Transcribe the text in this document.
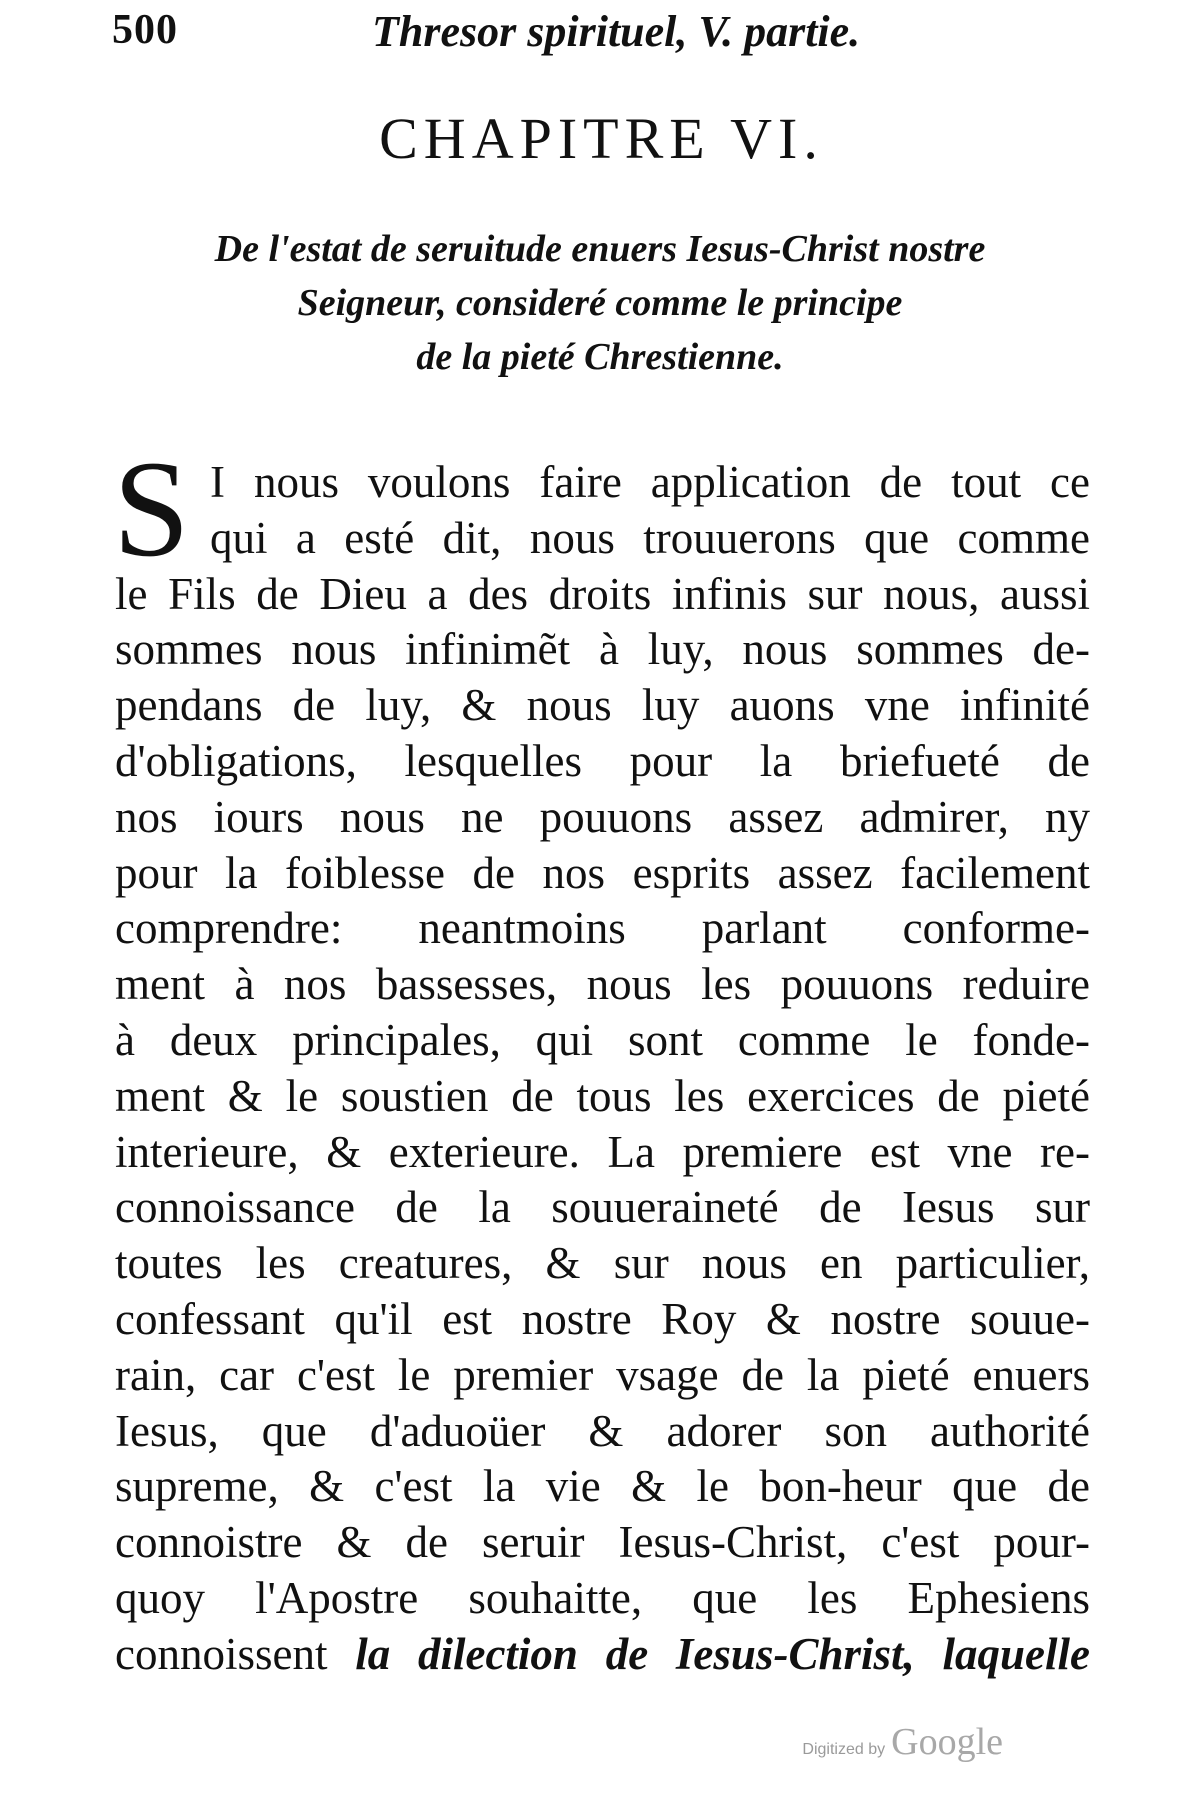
500	Thresor spirituel, V. partie.
CHAPITRE VI.
De l'estat de seruitude enuers Iesus-Christ nostre
Seigneur, consideré comme le principe
de la pieté Chrestienne.
S I nous voulons faire application de tout ce
qui a esté dit, nous trouuerons que comme
le Fils de Dieu a des droits infinis sur nous, aussi
sommes nous infinimẽt à luy, nous sommes de-
pendans de luy, & nous luy auons vne infinité
d'obligations, lesquelles pour la briefueté de
nos iours nous ne pouuons assez admirer, ny
pour la foiblesse de nos esprits assez facilement
comprendre: neantmoins parlant conforme-
ment à nos bassesses, nous les pouuons reduire
à deux principales, qui sont comme le fonde-
ment & le soustien de tous les exercices de pieté
interieure, & exterieure. La premiere est vne re-
connoissance de la souueraineté de Iesus sur
toutes les creatures, & sur nous en particulier,
confessant qu'il est nostre Roy & nostre souue-
rain, car c'est le premier vsage de la pieté enuers
Iesus, que d'aduoüer & adorer son authorité
supreme, & c'est la vie & le bon-heur que de
connoistre & de seruir Iesus-Christ, c'est pour-
quoy l'Apostre souhaitte, que les Ephesiens
connoissent la dilection de Iesus-Christ, laquelle
Digitized by Google
